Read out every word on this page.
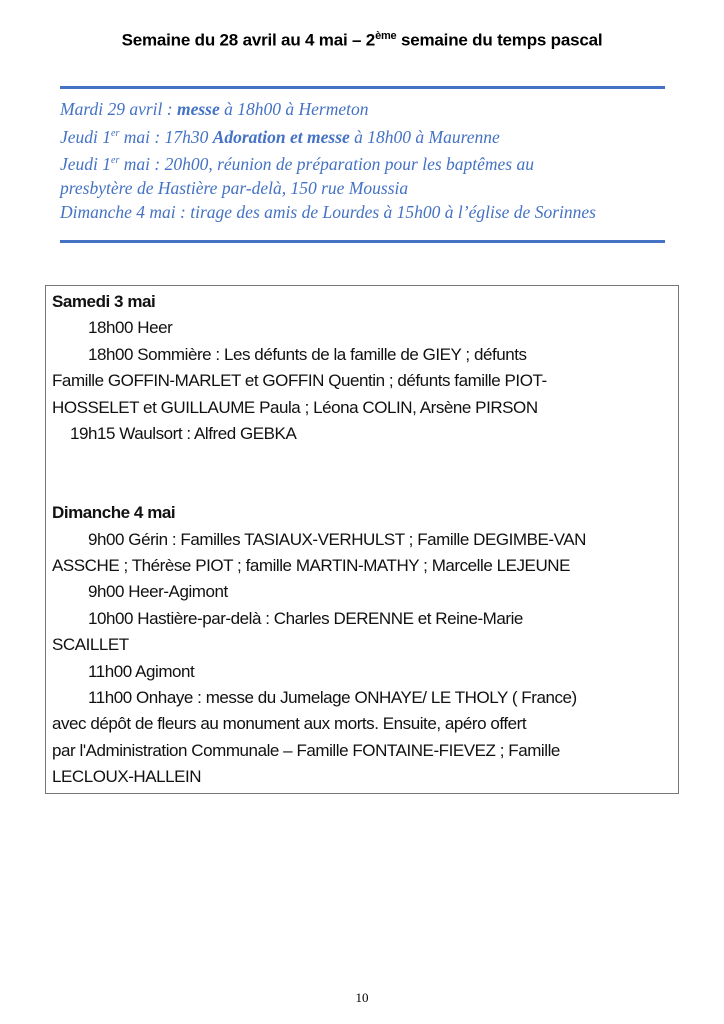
Semaine du 28 avril au 4 mai – 2ème semaine du temps pascal
Mardi 29 avril : messe à 18h00 à Hermeton
Jeudi 1er mai : 17h30 Adoration et messe à 18h00 à Maurenne
Jeudi 1er mai : 20h00, réunion de préparation pour les baptêmes au
presbytère de Hastière par-delà, 150 rue Moussia
Dimanche 4 mai : tirage des amis de Lourdes à 15h00 à l’église de Sorinnes
Samedi 3 mai
18h00 Heer
18h00 Sommière : Les défunts de la famille de GIEY ; défunts
Famille GOFFIN-MARLET et GOFFIN Quentin ; défunts famille PIOT-
HOSSELET et GUILLAUME Paula ; Léona COLIN, Arsène PIRSON
19h15 Waulsort : Alfred GEBKA
Dimanche 4 mai
9h00 Gérin : Familles TASIAUX-VERHULST ; Famille DEGIMBE-VAN
ASSCHE ; Thérèse PIOT ; famille MARTIN-MATHY ; Marcelle LEJEUNE
9h00 Heer-Agimont
10h00 Hastière-par-delà : Charles DERENNE et Reine-Marie
SCAILLET
11h00 Agimont
11h00 Onhaye : messe du Jumelage ONHAYE/ LE THOLY ( France)
avec dépôt de fleurs au monument aux morts. Ensuite, apéro offert
par l'Administration Communale – Famille FONTAINE-FIEVEZ ; Famille
LECLOUX-HALLEIN
10
